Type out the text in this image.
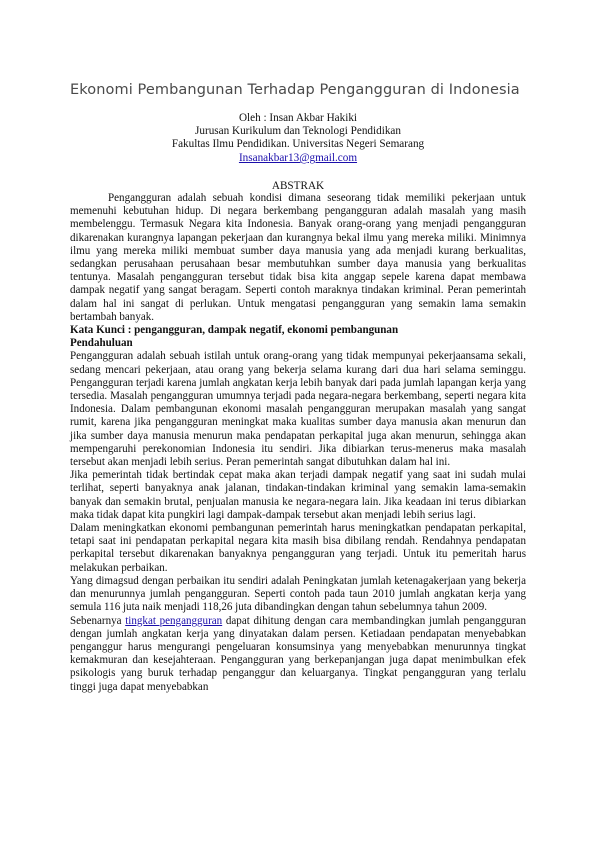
Ekonomi Pembangunan Terhadap Pengangguran di Indonesia
Oleh : Insan Akbar Hakiki
Jurusan Kurikulum dan Teknologi Pendidikan
Fakultas Ilmu Pendidikan. Universitas Negeri Semarang
Insanakbar13@gmail.com
ABSTRAK

Pengangguran adalah sebuah kondisi dimana seseorang tidak memiliki pekerjaan untuk memenuhi kebutuhan hidup. Di negara berkembang pengangguran adalah masalah yang masih membelenggu. Termasuk Negara kita Indonesia. Banyak orang-orang yang menjadi pengangguran dikarenakan kurangnya lapangan pekerjaan dan kurangnya bekal ilmu yang mereka miliki. Minimnya ilmu yang mereka miliki membuat sumber daya manusia yang ada menjadi kurang berkualitas, sedangkan perusahaan perusahaan besar membutuhkan sumber daya manusia yang berkualitas tentunya. Masalah pengangguran tersebut tidak bisa kita anggap sepele karena dapat membawa dampak negatif yang sangat beragam. Seperti contoh maraknya tindakan kriminal. Peran pemerintah dalam hal ini sangat di perlukan. Untuk mengatasi pengangguran yang semakin lama semakin bertambah banyak.

Kata Kunci : pengangguran, dampak negatif, ekonomi pembangunan

Pendahuluan

Pengangguran adalah sebuah istilah untuk orang-orang yang tidak mempunyai pekerjaansama sekali, sedang mencari pekerjaan, atau orang yang bekerja selama kurang dari dua hari selama seminggu. Pengangguran terjadi karena jumlah angkatan kerja lebih banyak dari pada jumlah lapangan kerja yang tersedia. Masalah pengangguran umumnya terjadi pada negara-negara berkembang, seperti negara kita Indonesia. Dalam pembangunan ekonomi masalah pengangguran merupakan masalah yang sangat rumit, karena jika pengangguran meningkat maka kualitas sumber daya manusia akan menurun dan jika sumber daya manusia menurun maka pendapatan perkapital juga akan menurun, sehingga akan mempengaruhi perekonomian Indonesia itu sendiri. Jika dibiarkan terus-menerus maka masalah tersebut akan menjadi lebih serius. Peran pemerintah sangat dibutuhkan dalam hal ini.

Jika pemerintah tidak bertindak cepat maka akan terjadi dampak negatif yang saat ini sudah mulai terlihat, seperti banyaknya anak jalanan, tindakan-tindakan kriminal yang semakin lama-semakin banyak dan semakin brutal, penjualan manusia ke negara-negara lain. Jika keadaan ini terus dibiarkan maka tidak dapat kita pungkiri lagi dampak-dampak tersebut akan menjadi lebih serius lagi.

Dalam meningkatkan ekonomi pembangunan pemerintah harus meningkatkan pendapatan perkapital, tetapi saat ini pendapatan perkapital negara kita masih bisa dibilang rendah. Rendahnya pendapatan perkapital tersebut dikarenakan banyaknya pengangguran yang terjadi. Untuk itu pemeritah harus melakukan perbaikan.

Yang dimagsud dengan perbaikan itu sendiri adalah Peningkatan jumlah ketenagakerjaan yang bekerja dan menurunnya jumlah pengangguran. Seperti contoh pada taun 2010 jumlah angkatan kerja yang semula 116 juta naik menjadi 118,26 juta dibandingkan dengan tahun sebelumnya tahun 2009.

Sebenarnya tingkat pengangguran dapat dihitung dengan cara membandingkan jumlah pengangguran dengan jumlah angkatan kerja yang dinyatakan dalam persen. Ketiadaan pendapatan menyebabkan penganggur harus mengurangi pengeluaran konsumsinya yang menyebabkan menurunnya tingkat kemakmuran dan kesejahteraan. Pengangguran yang berkepanjangan juga dapat menimbulkan efek psikologis yang buruk terhadap penganggur dan keluarganya. Tingkat pengangguran yang terlalu tinggi juga dapat menyebabkan
